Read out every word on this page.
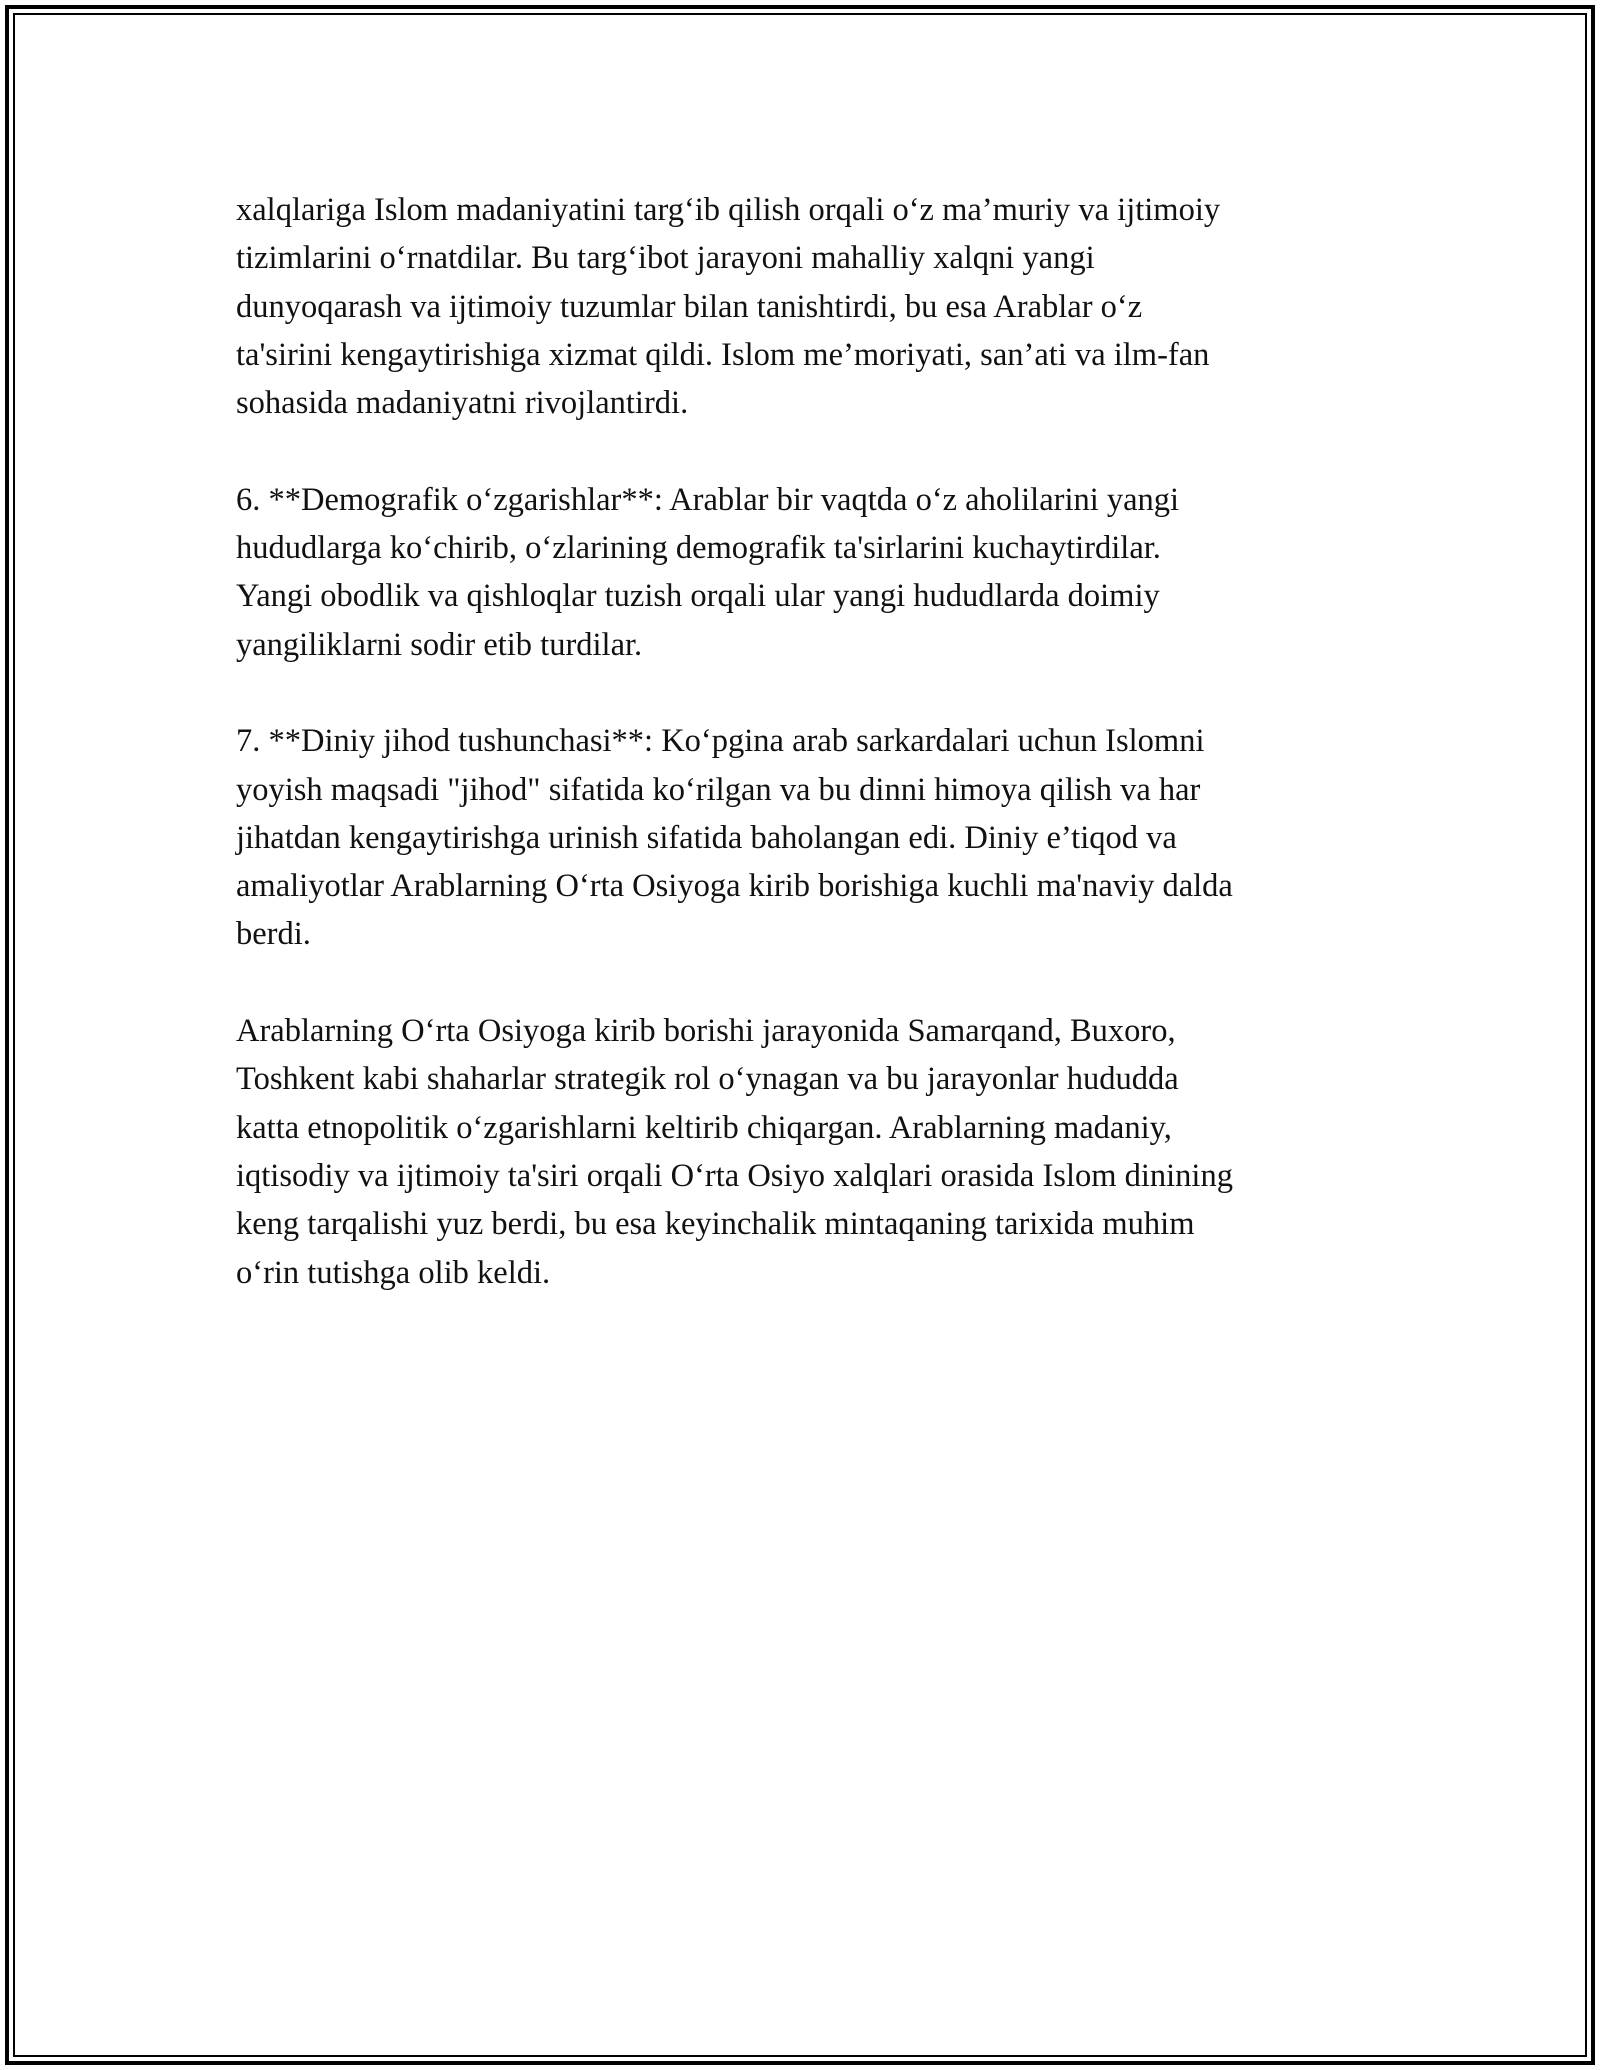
xalqlariga Islom madaniyatini targ‘ib qilish orqali o‘z ma’muriy va ijtimoiy
tizimlarini o‘rnatdilar. Bu targ‘ibot jarayoni mahalliy xalqni yangi
dunyoqarash va ijtimoiy tuzumlar bilan tanishtirdi, bu esa Arablar o‘z
ta'sirini kengaytirishiga xizmat qildi. Islom me’moriyati, san’ati va ilm-fan
sohasida madaniyatni rivojlantirdi.

6. **Demografik o‘zgarishlar**: Arablar bir vaqtda o‘z aholilarini yangi
hududlarga ko‘chirib, o‘zlarining demografik ta'sirlarini kuchaytirdilar.
Yangi obodlik va qishloqlar tuzish orqali ular yangi hududlarda doimiy
yangiliklarni sodir etib turdilar.

7. **Diniy jihod tushunchasi**: Ko‘pgina arab sarkardalari uchun Islomni
yoyish maqsadi "jihod" sifatida ko‘rilgan va bu dinni himoya qilish va har
jihatdan kengaytirishga urinish sifatida baholangan edi. Diniy e’tiqod va
amaliyotlar Arablarning O‘rta Osiyoga kirib borishiga kuchli ma'naviy dalda
berdi.

Arablarning O‘rta Osiyoga kirib borishi jarayonida Samarqand, Buxoro,
Toshkent kabi shaharlar strategik rol o‘ynagan va bu jarayonlar hududda
katta etnopolitik o‘zgarishlarni keltirib chiqargan. Arablarning madaniy,
iqtisodiy va ijtimoiy ta'siri orqali O‘rta Osiyo xalqlari orasida Islom dinining
keng tarqalishi yuz berdi, bu esa keyinchalik mintaqaning tarixida muhim
o‘rin tutishga olib keldi.
